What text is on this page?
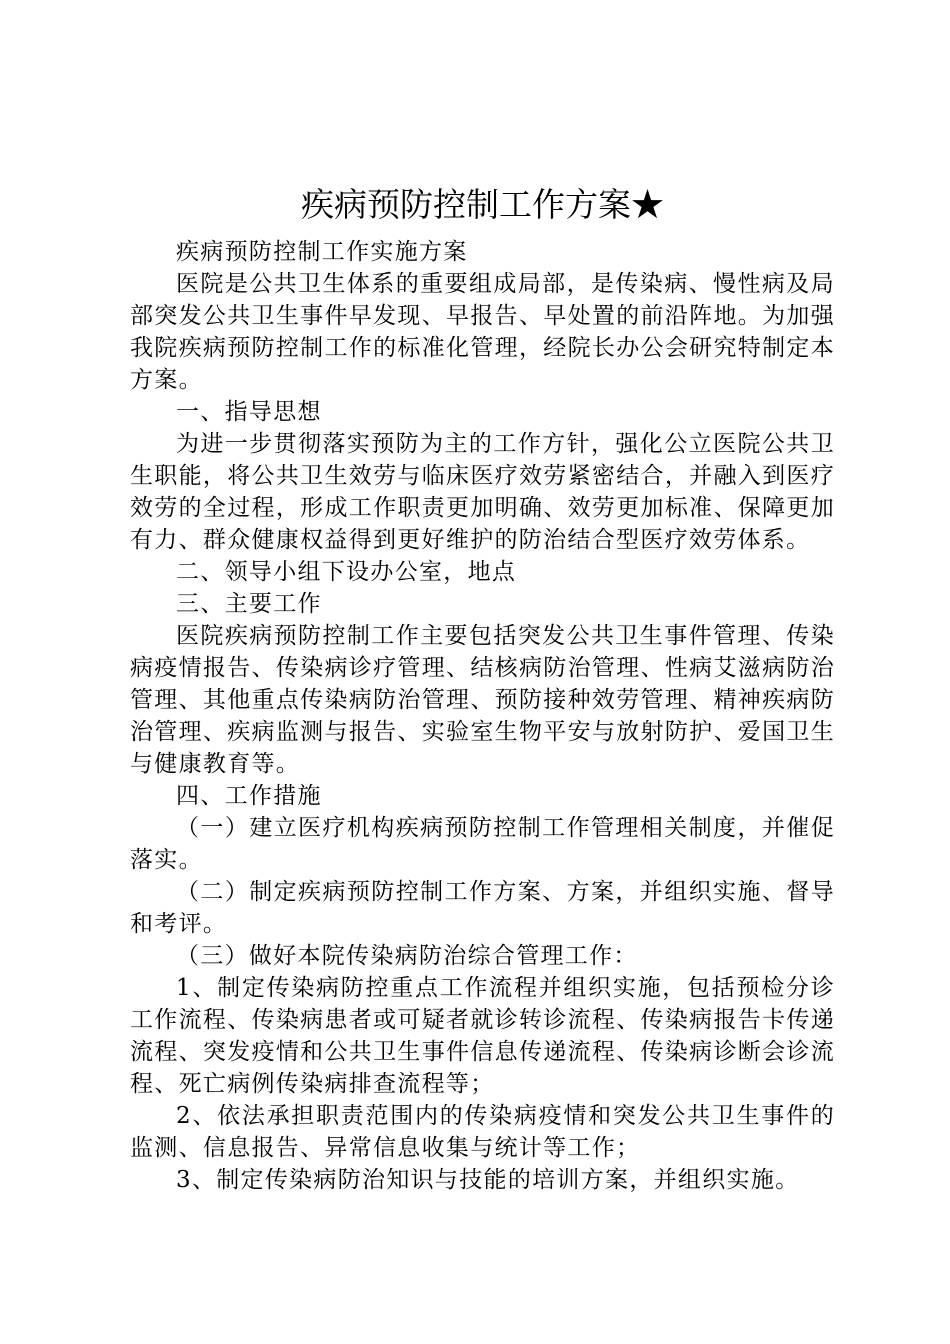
疾病预防控制工作方案★

疾病预防控制工作实施方案

医院是公共卫生体系的重要组成局部，是传染病、慢性病及局部突发公共卫生事件早发现、早报告、早处置的前沿阵地。为加强我院疾病预防控制工作的标准化管理，经院长办公会研究特制定本方案。

一、指导思想

为进一步贯彻落实预防为主的工作方针，强化公立医院公共卫生职能，将公共卫生效劳与临床医疗效劳紧密结合，并融入到医疗效劳的全过程，形成工作职责更加明确、效劳更加标准、保障更加有力、群众健康权益得到更好维护的防治结合型医疗效劳体系。

二、领导小组下设办公室，地点

三、主要工作

医院疾病预防控制工作主要包括突发公共卫生事件管理、传染病疫情报告、传染病诊疗管理、结核病防治管理、性病艾滋病防治管理、其他重点传染病防治管理、预防接种效劳管理、精神疾病防治管理、疾病监测与报告、实验室生物平安与放射防护、爱国卫生与健康教育等。

四、工作措施

（一）建立医疗机构疾病预防控制工作管理相关制度，并催促落实。

（二）制定疾病预防控制工作方案、方案，并组织实施、督导和考评。

（三）做好本院传染病防治综合管理工作：

1、制定传染病防控重点工作流程并组织实施，包括预检分诊工作流程、传染病患者或可疑者就诊转诊流程、传染病报告卡传递流程、突发疫情和公共卫生事件信息传递流程、传染病诊断会诊流程、死亡病例传染病排查流程等；

2、依法承担职责范围内的传染病疫情和突发公共卫生事件的监测、信息报告、异常信息收集与统计等工作；

3、制定传染病防治知识与技能的培训方案，并组织实施。
